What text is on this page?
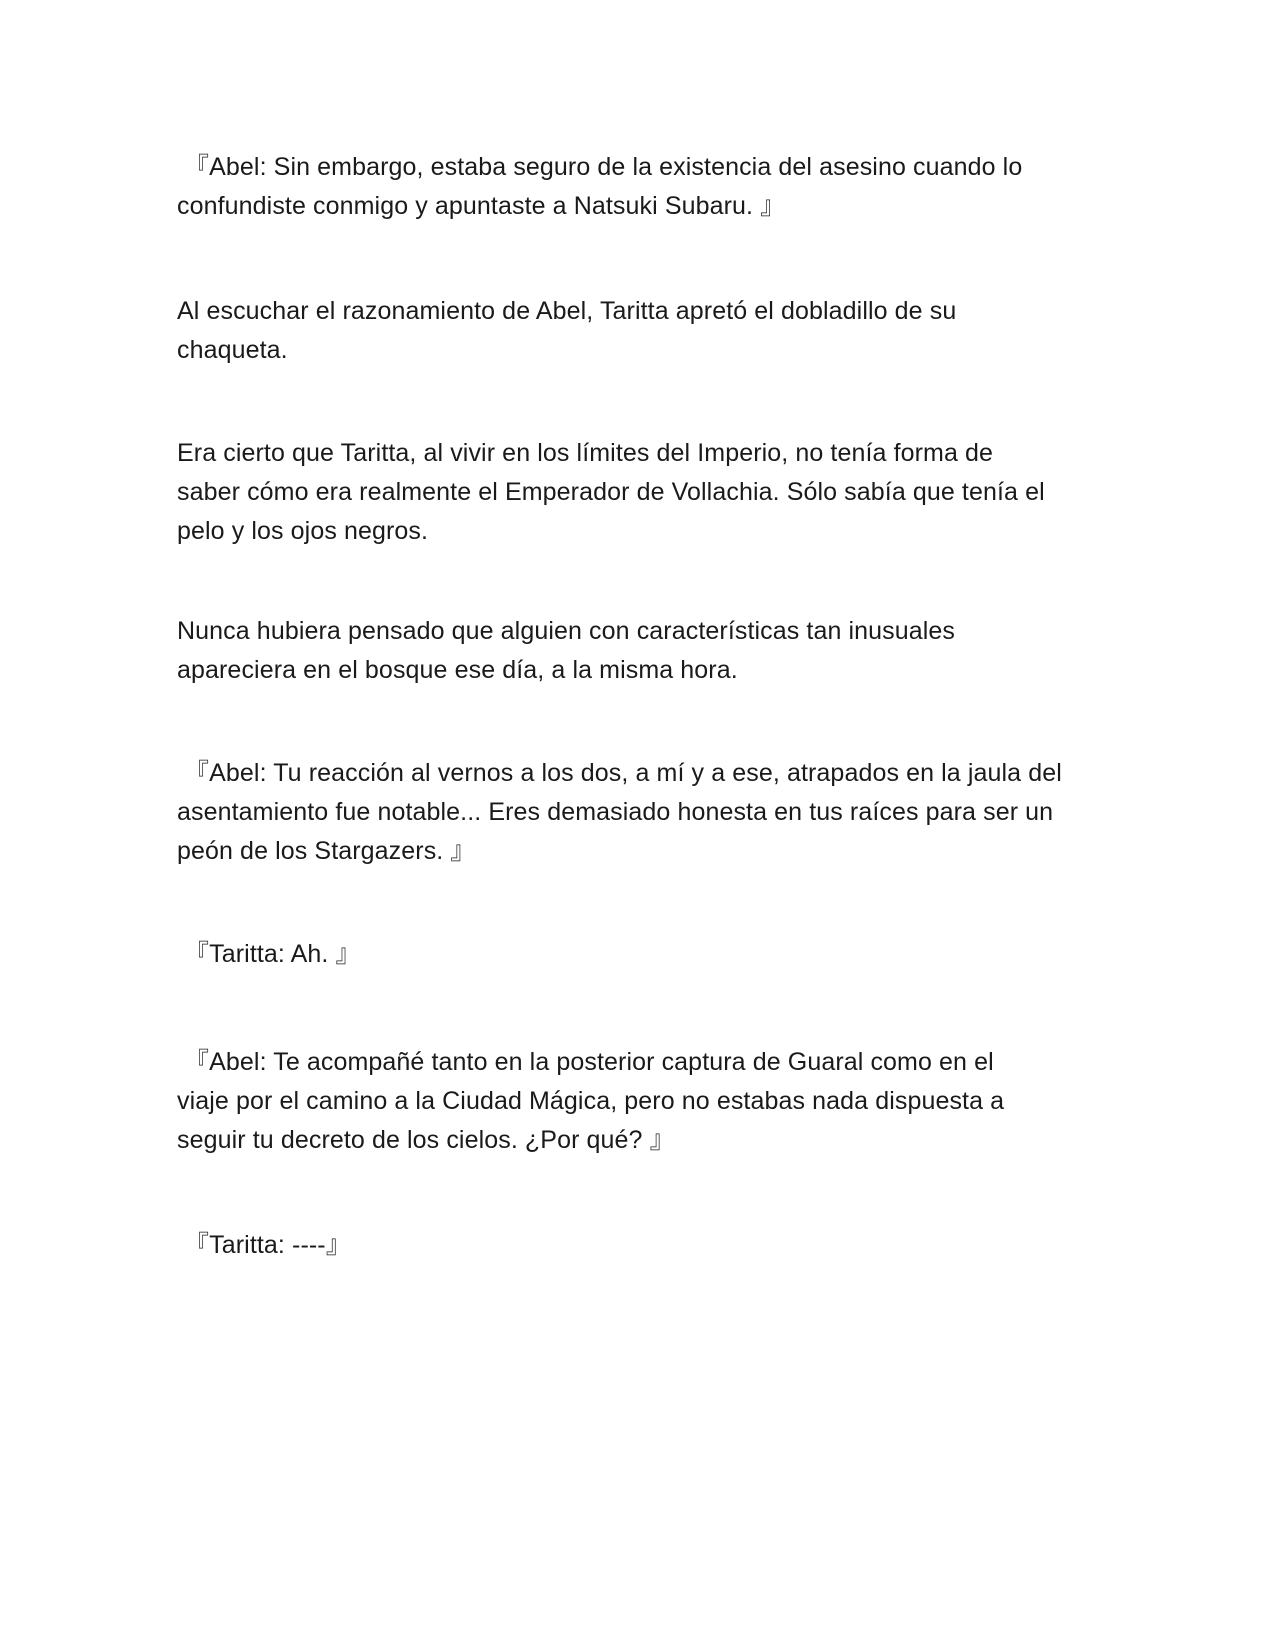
『Abel: Sin embargo, estaba seguro de la existencia del asesino cuando lo
confundiste conmigo y apuntaste a Natsuki Subaru. 』
Al escuchar el razonamiento de Abel, Taritta apretó el dobladillo de su
chaqueta.
Era cierto que Taritta, al vivir en los límites del Imperio, no tenía forma de
saber cómo era realmente el Emperador de Vollachia. Sólo sabía que tenía el
pelo y los ojos negros.
Nunca hubiera pensado que alguien con características tan inusuales
apareciera en el bosque ese día, a la misma hora.
『Abel: Tu reacción al vernos a los dos, a mí y a ese, atrapados en la jaula del
asentamiento fue notable... Eres demasiado honesta en tus raíces para ser un
peón de los Stargazers. 』
『Taritta: Ah. 』
『Abel: Te acompañé tanto en la posterior captura de Guaral como en el
viaje por el camino a la Ciudad Mágica, pero no estabas nada dispuesta a
seguir tu decreto de los cielos. ¿Por qué? 』
『Taritta: ----』
